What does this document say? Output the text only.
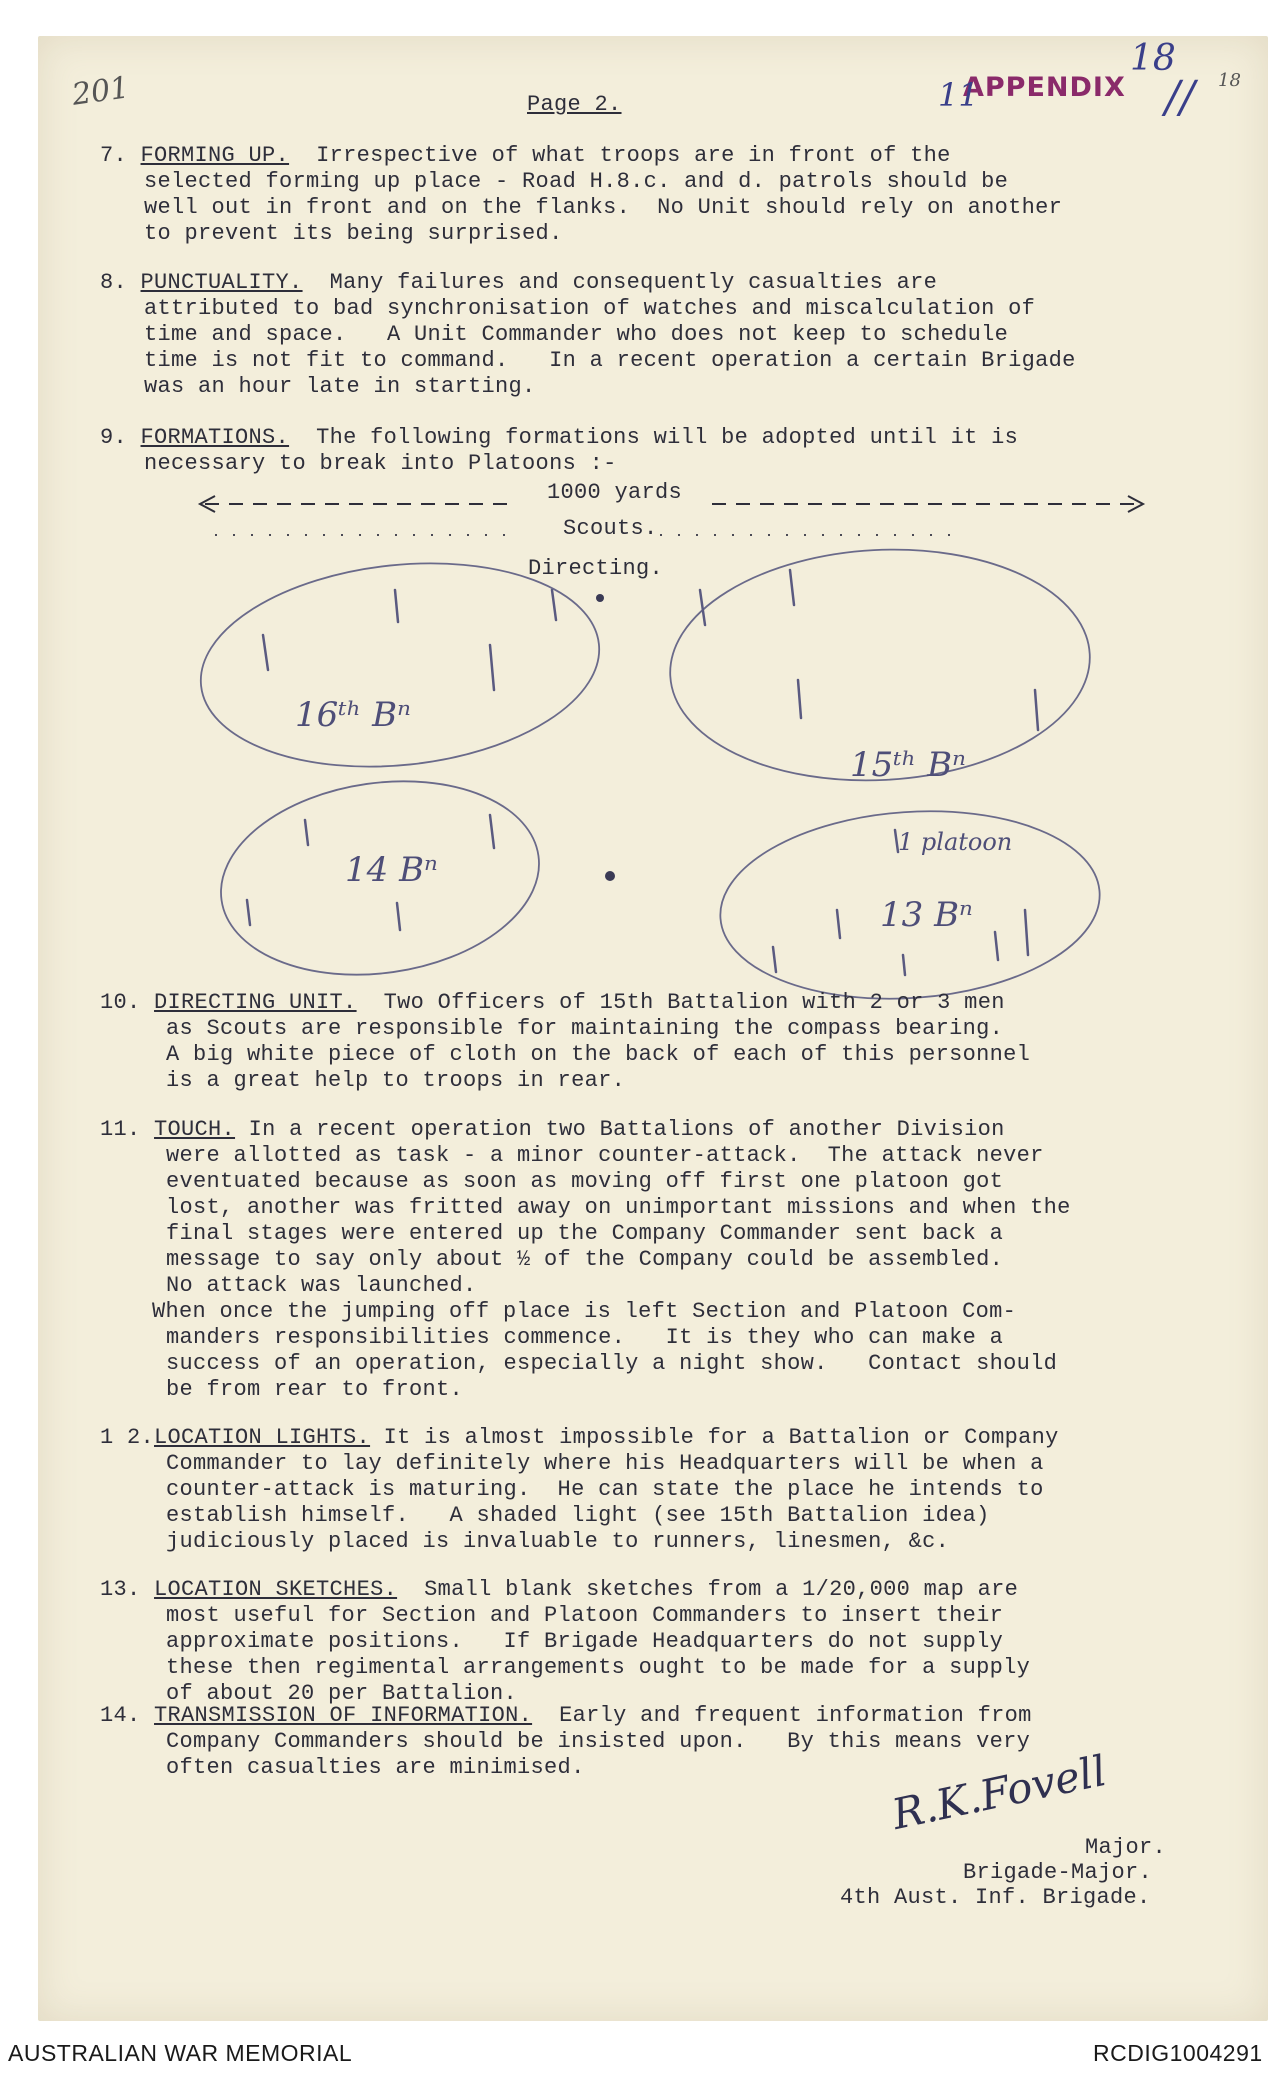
201	APPENDIX
18
11	// 18
Page 2.
7. FORMING UP. Irrespective of what troops are in front of the
selected forming up place - Road H.8.c. and d. patrols should be
well out in front and on the flanks.  No Unit should rely on another
to prevent its being surprised.
8. PUNCTUALITY. Many failures and consequently casualties are
attributed to bad synchronisation of watches and miscalculation of
time and space.   A Unit Commander who does not keep to schedule
time is not fit to command.   In a recent operation a certain Brigade
was an hour late in starting.
9. FORMATIONS. The following formations will be adopted until it is
necessary to break into Platoons :-
1000 yards
Scouts.
Directing.
16ᵗʰ Bⁿ
15ᵗʰ Bⁿ
14 Bⁿ
13 Bⁿ
1 platoon
10. DIRECTING UNIT. Two Officers of 15th Battalion with 2 or 3 men
as Scouts are responsible for maintaining the compass bearing.
A big white piece of cloth on the back of each of this personnel
is a great help to troops in rear.
11. TOUCH. In a recent operation two Battalions of another Division
were allotted as task - a minor counter-attack.  The attack never
eventuated because as soon as moving off first one platoon got
lost, another was fritted away on unimportant missions and when the
final stages were entered up the Company Commander sent back a
message to say only about ½ of the Company could be assembled.
No attack was launched.
When once the jumping off place is left Section and Platoon Com-
manders responsibilities commence.   It is they who can make a
success of an operation, especially a night show.   Contact should
be from rear to front.
1 2.LOCATION LIGHTS. It is almost impossible for a Battalion or Company
Commander to lay definitely where his Headquarters will be when a
counter-attack is maturing.  He can state the place he intends to
establish himself.   A shaded light (see 15th Battalion idea)
judiciously placed is invaluable to runners, linesmen, &c.
13. LOCATION SKETCHES. Small blank sketches from a 1/20,000 map are
most useful for Section and Platoon Commanders to insert their
approximate positions.   If Brigade Headquarters do not supply
these then regimental arrangements ought to be made for a supply
of about 20 per Battalion.
14. TRANSMISSION OF INFORMATION. Early and frequent information from
Company Commanders should be insisted upon.   By this means very
often casualties are minimised.	R.K.Fovell
Major.
Brigade-Major.
4th Aust. Inf. Brigade.
AUSTRALIAN WAR MEMORIAL	RCDIG1004291
